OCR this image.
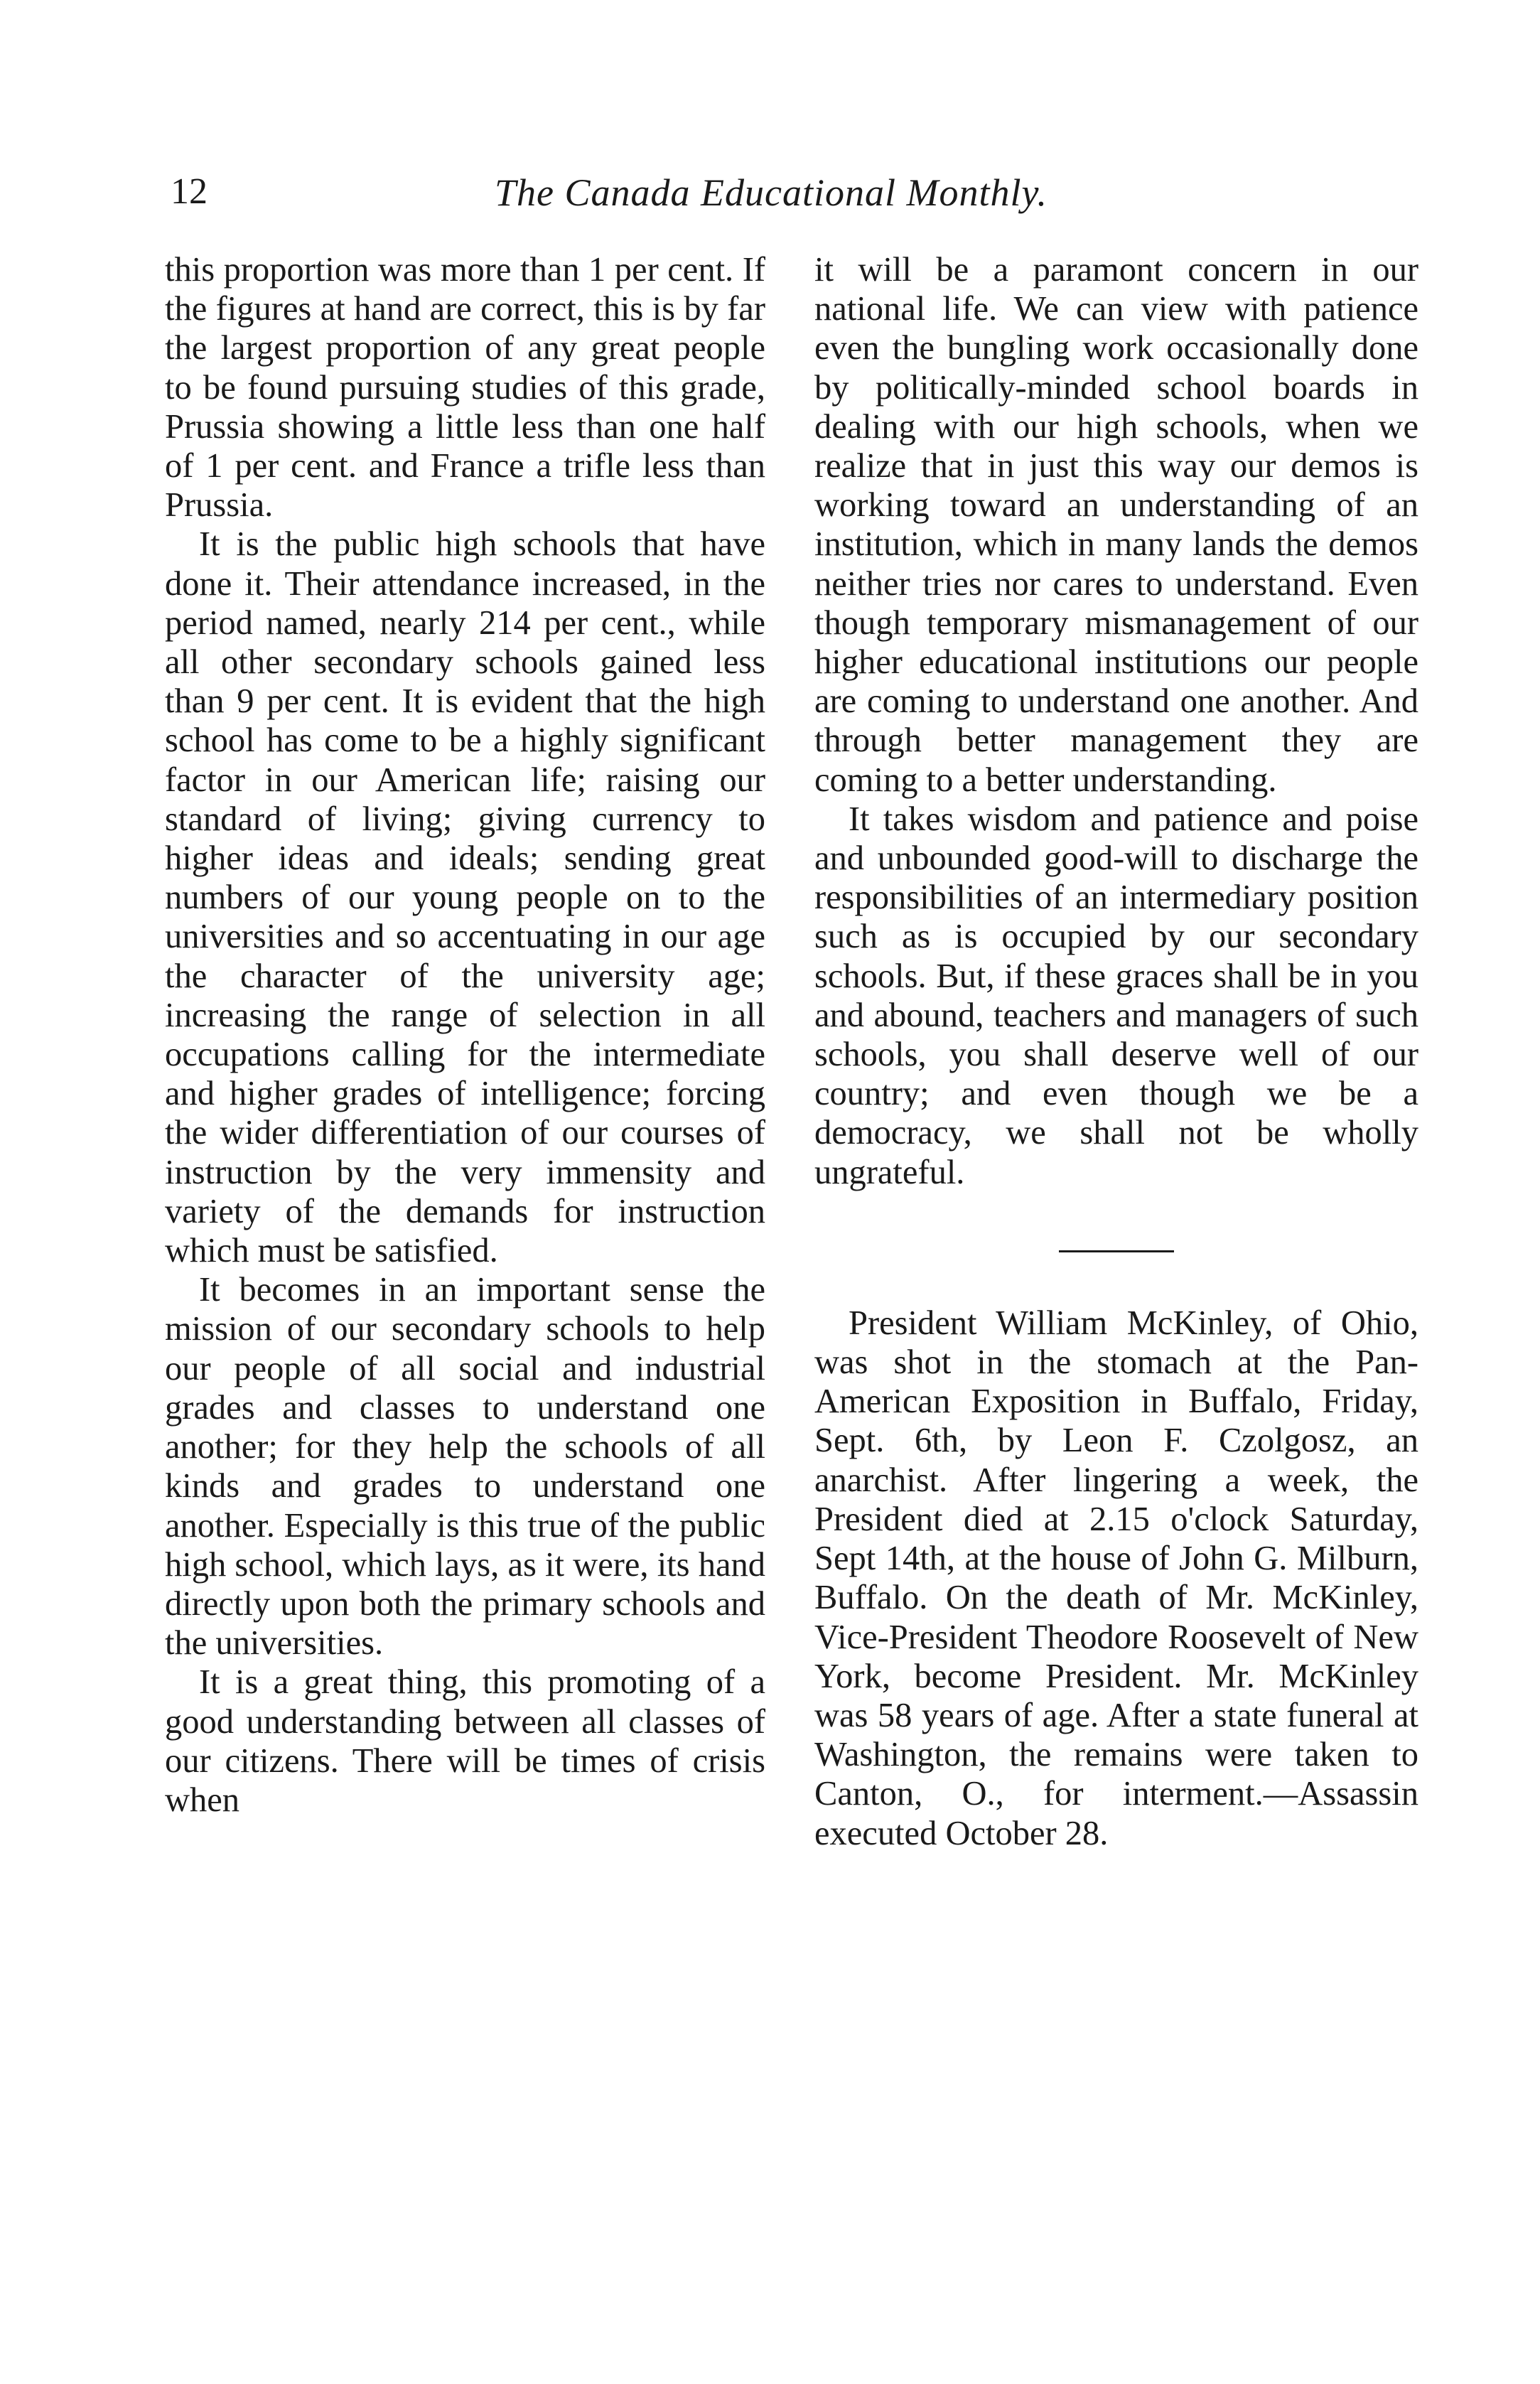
12	The Canada Educational Monthly.

this proportion was more than 1 per cent. If the figures at hand are correct, this is by far the largest proportion of any great people to be found pursuing studies of this grade, Prussia showing a little less than one half of 1 per cent. and France a trifle less than Prussia.

It is the public high schools that have done it. Their attendance increased, in the period named, nearly 214 per cent., while all other secondary schools gained less than 9 per cent. It is evident that the high school has come to be a highly significant factor in our American life; raising our standard of living; giving currency to higher ideas and ideals; sending great numbers of our young people on to the universities and so accentuating in our age the character of the university age; increasing the range of selection in all occupations calling for the intermediate and higher grades of intelligence; forcing the wider differentiation of our courses of instruction by the very immensity and variety of the demands for instruction which must be satisfied.

It becomes in an important sense the mission of our secondary schools to help our people of all social and industrial grades and classes to understand one another; for they help the schools of all kinds and grades to understand one another. Especially is this true of the public high school, which lays, as it were, its hand directly upon both the primary schools and the universities.

It is a great thing, this promoting of a good understanding between all classes of our citizens. There will be times of crisis when

it will be a paramont concern in our national life. We can view with patience even the bungling work occasionally done by politically-minded school boards in dealing with our high schools, when we realize that in just this way our demos is working toward an understanding of an institution, which in many lands the demos neither tries nor cares to understand. Even though temporary mismanagement of our higher educational institutions our people are coming to understand one another. And through better management they are coming to a better understanding.

It takes wisdom and patience and poise and unbounded good-will to discharge the responsibilities of an intermediary position such as is occupied by our secondary schools. But, if these graces shall be in you and abound, teachers and managers of such schools, you shall deserve well of our country; and even though we be a democracy, we shall not be wholly ungrateful.

President William McKinley, of Ohio, was shot in the stomach at the Pan-American Exposition in Buffalo, Friday, Sept. 6th, by Leon F. Czolgosz, an anarchist. After lingering a week, the President died at 2.15 o'clock Saturday, Sept 14th, at the house of John G. Milburn, Buffalo. On the death of Mr. McKinley, Vice-President Theodore Roosevelt of New York, become President. Mr. McKinley was 58 years of age. After a state funeral at Washington, the remains were taken to Canton, O., for interment.—Assassin executed October 28.
